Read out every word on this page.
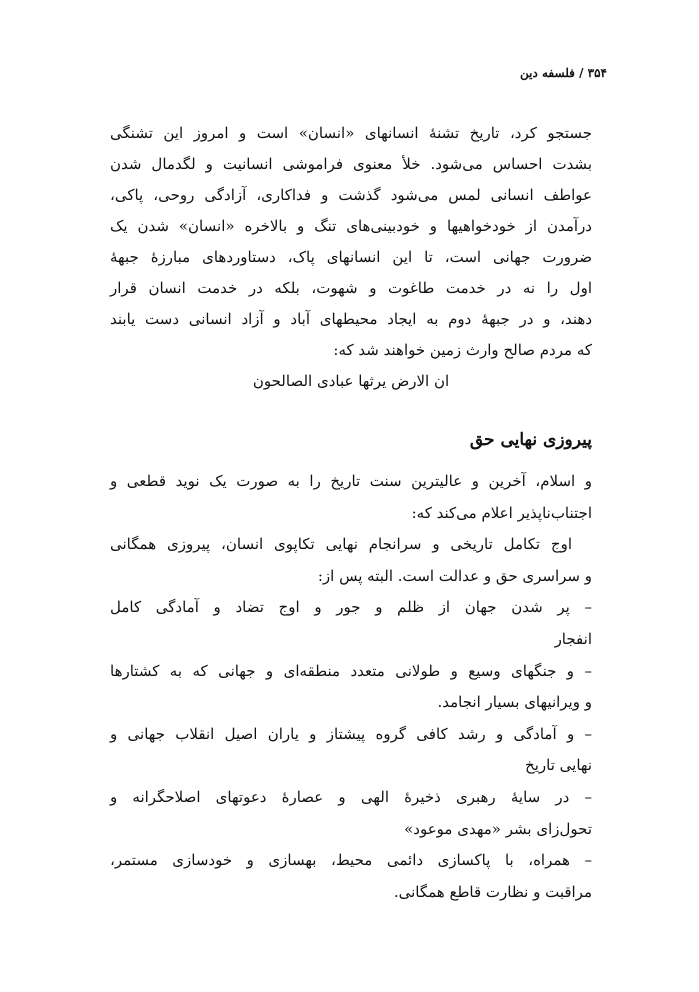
۳۵۴ / فلسفه دین
جستجو کرد، تاریخ تشنهٔ انسانهای «انسان» است و امروز این تشنگی
بشدت احساس می‌شود. خلأ معنوی فراموشی انسانیت و لگدمال شدن
عواطف انسانی لمس می‌شود گذشت و فداکاری، آزادگی روحی، پاکی،
درآمدن از خودخواهیها و خودبینی‌های تنگ و بالاخره «انسان» شدن یک
ضرورت جهانی است، تا این انسانهای پاک، دستاوردهای مبارزهٔ جبههٔ
اول را نه در خدمت طاغوت و شهوت، بلکه در خدمت انسان قرار
دهند، و در جبههٔ دوم به ایجاد محیطهای آباد و آزاد انسانی دست یابند
که مردم صالح وارث زمین خواهند شد که:
ان الارض یرثها عبادی الصالحون
پیروزی نهایی حق
و اسلام، آخرین و عالیترین سنت تاریخ را به صورت یک نوید قطعی و
اجتناب‌ناپذیر اعلام می‌کند که:
اوج تکامل تاریخی و سرانجام نهایی تکاپوی انسان، پیروزی همگانی
و سراسری حق و عدالت است. البته پس از:
– پر شدن جهان از ظلم و جور و اوج تضاد و آمادگی کامل
انفجار
– و جنگهای وسیع و طولانی متعدد منطقه‌ای و جهانی که به کشتارها
و ویرانیهای بسیار انجامد.
– و آمادگی و رشد کافی گروه پیشتاز و یاران اصیل انقلاب جهانی و
نهایی تاریخ
– در سایهٔ رهبری ذخیرهٔ الهی و عصارهٔ دعوتهای اصلاحگرانه و
تحول‌زای بشر «مهدی موعود»
– همراه، با پاکسازی دائمی محیط، بهسازی و خودسازی مستمر،
مراقبت و نظارت قاطع همگانی.
